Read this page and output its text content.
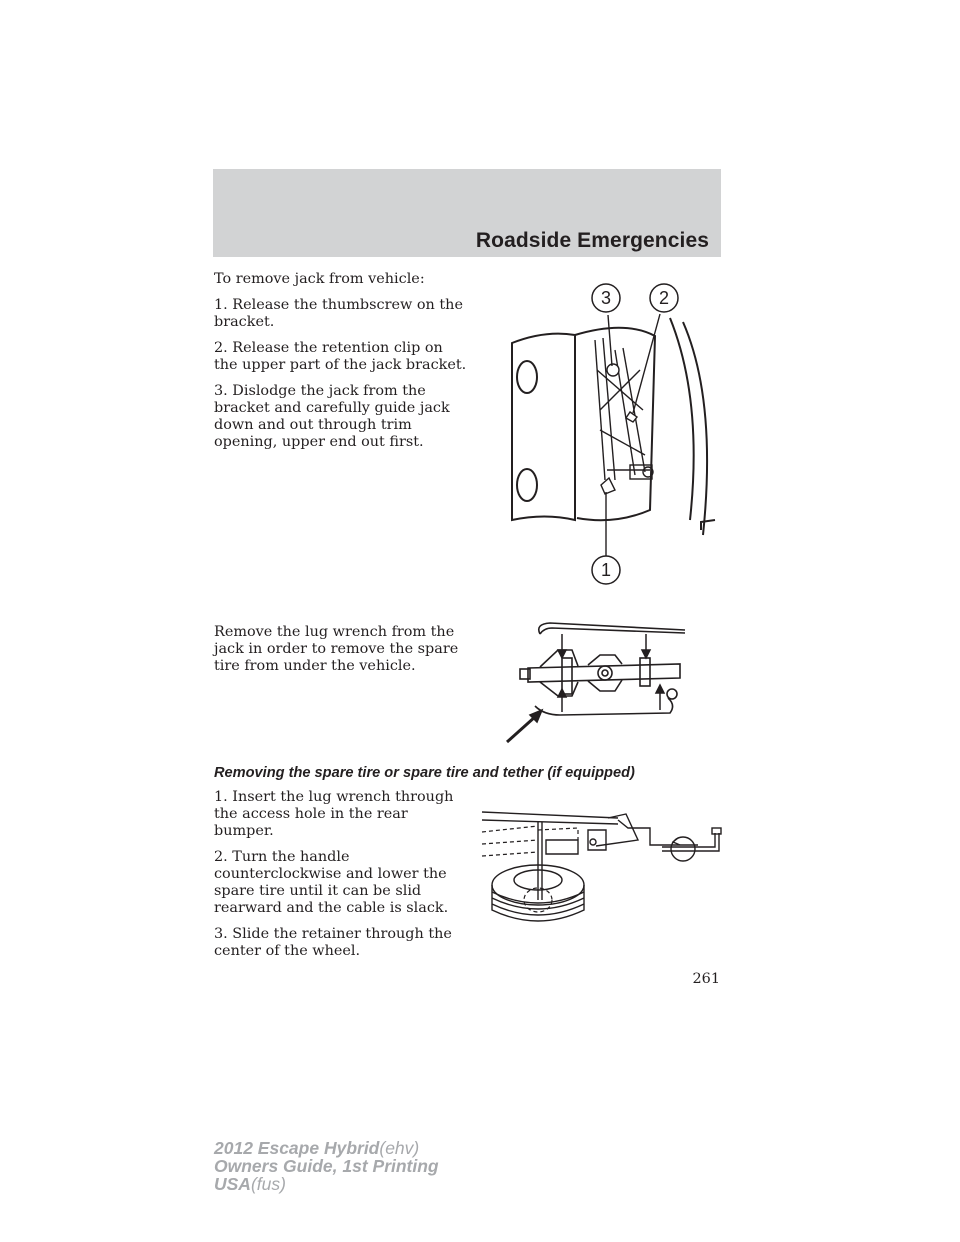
Roadside Emergencies

To remove jack from vehicle:

1. Release the thumbscrew on the bracket.

2. Release the retention clip on the upper part of the jack bracket.

3. Dislodge the jack from the bracket and carefully guide jack down and out through trim opening, upper end out first.

3	2
1

Remove the lug wrench from the jack in order to remove the spare tire from under the vehicle.

Removing the spare tire or spare tire and tether (if equipped)

1. Insert the lug wrench through the access hole in the rear bumper.

2. Turn the handle counterclockwise and lower the spare tire until it can be slid rearward and the cable is slack.

3. Slide the retainer through the center of the wheel.

261
2012 Escape Hybrid(ehv)
Owners Guide, 1st Printing
USA(fus)
